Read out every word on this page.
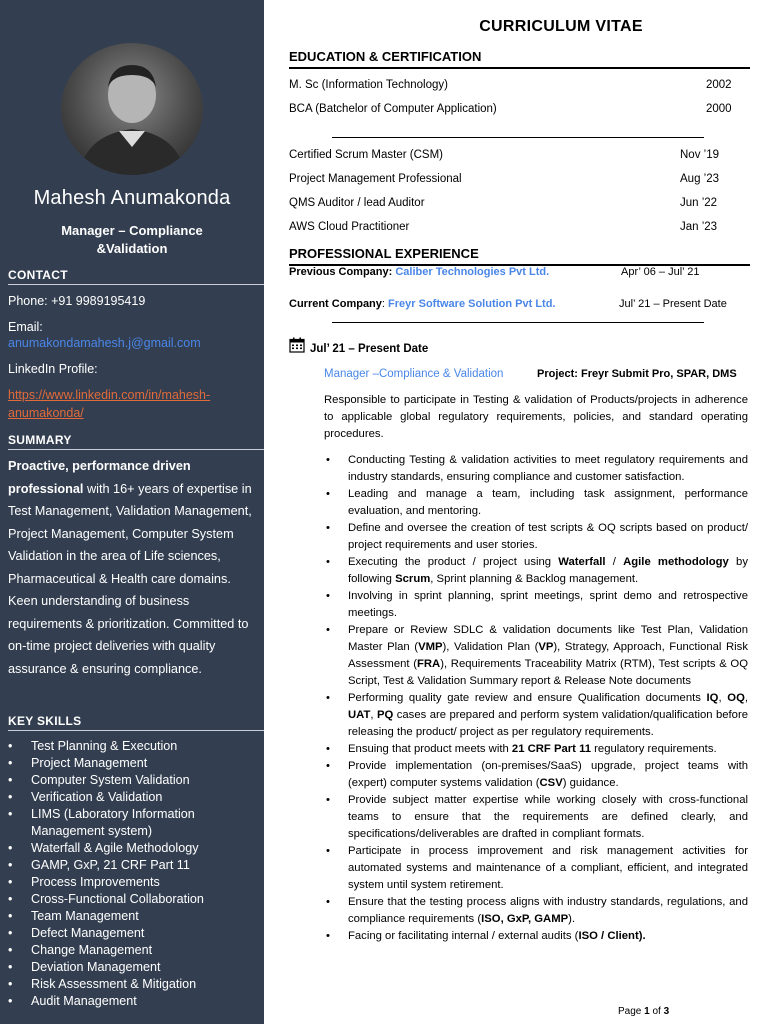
Mahesh Anumakonda
Manager – Compliance &Validation
CONTACT
Phone: +91 9989195419
Email:
anumakondamahesh.j@gmail.com
LinkedIn Profile:
https://www.linkedin.com/in/mahesh-
anumakonda/
SUMMARY
Proactive, performance driven professional with 16+ years of expertise in Test Management, Validation Management, Project Management, Computer System Validation in the area of Life sciences, Pharmaceutical & Health care domains. Keen understanding of business requirements & prioritization. Committed to on-time project deliveries with quality assurance & ensuring compliance.
KEY SKILLS
• Test Planning & Execution
• Project Management
• Computer System Validation
• Verification & Validation
• LIMS (Laboratory Information Management system)
• Waterfall & Agile Methodology
• GAMP, GxP, 21 CRF Part 11
• Process Improvements
• Cross-Functional Collaboration
• Team Management
• Defect Management
• Change Management
• Deviation Management
• Risk Assessment & Mitigation
• Audit Management
CURRICULUM VITAE
EDUCATION & CERTIFICATION
M. Sc (Information Technology)	2002
BCA (Batchelor of Computer Application)	2000
Certified Scrum Master (CSM)	Nov ’19
Project Management Professional	Aug ’23
QMS Auditor / lead Auditor	Jun ’22
AWS Cloud Practitioner	Jan ’23
PROFESSIONAL EXPERIENCE
Previous Company: Caliber Technologies Pvt Ltd.	Apr’ 06 – Jul’ 21
Current Company: Freyr Software Solution Pvt Ltd.	Jul’ 21 – Present Date
Jul’ 21 – Present Date
Manager –Compliance & Validation	Project: Freyr Submit Pro, SPAR, DMS
Responsible to participate in Testing & validation of Products/projects in adherence to applicable global regulatory requirements, policies, and standard operating procedures.
• Conducting Testing & validation activities to meet regulatory requirements and industry standards, ensuring compliance and customer satisfaction.
• Leading and manage a team, including task assignment, performance evaluation, and mentoring.
• Define and oversee the creation of test scripts & OQ scripts based on product/ project requirements and user stories.
• Executing the product / project using Waterfall / Agile methodology by following Scrum, Sprint planning & Backlog management.
• Involving in sprint planning, sprint meetings, sprint demo and retrospective meetings.
• Prepare or Review SDLC & validation documents like Test Plan, Validation Master Plan (VMP), Validation Plan (VP), Strategy, Approach, Functional Risk Assessment (FRA), Requirements Traceability Matrix (RTM), Test scripts & OQ Script, Test & Validation Summary report & Release Note documents
• Performing quality gate review and ensure Qualification documents IQ, OQ, UAT, PQ cases are prepared and perform system validation/qualification before releasing the product/ project as per regulatory requirements.
• Ensuing that product meets with 21 CRF Part 11 regulatory requirements.
• Provide implementation (on-premises/SaaS) upgrade, project teams with (expert) computer systems validation (CSV) guidance.
• Provide subject matter expertise while working closely with cross-functional teams to ensure that the requirements are defined clearly, and specifications/deliverables are drafted in compliant formats.
• Participate in process improvement and risk management activities for automated systems and maintenance of a compliant, efficient, and integrated system until system retirement.
• Ensure that the testing process aligns with industry standards, regulations, and compliance requirements (ISO, GxP, GAMP).
• Facing or facilitating internal / external audits (ISO / Client).
Page 1 of 3
